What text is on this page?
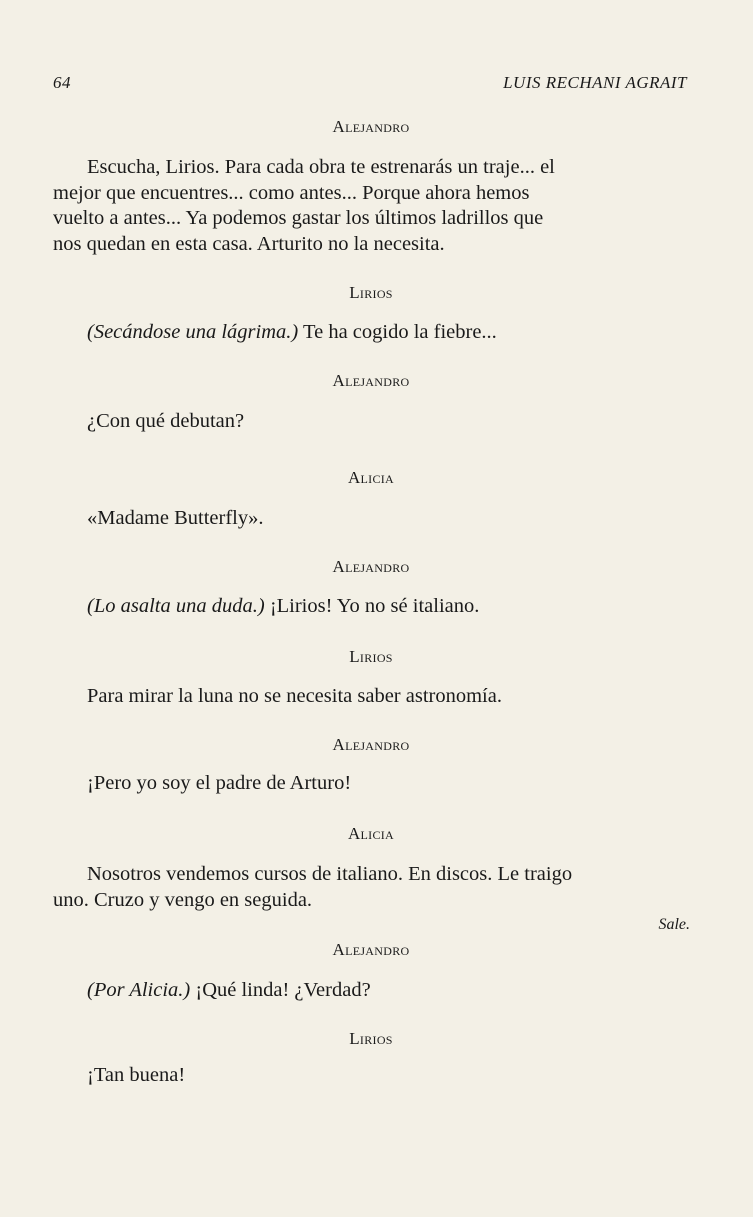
64	LUIS RECHANI AGRAIT
Alejandro
Escucha, Lirios. Para cada obra te estrenarás un traje... el
mejor que encuentres... como antes... Porque ahora hemos
vuelto a antes... Ya podemos gastar los últimos ladrillos que
nos quedan en esta casa. Arturito no la necesita.
Lirios
(Secándose una lágrima.) Te ha cogido la fiebre...
Alejandro
¿Con qué debutan?
Alicia
«Madame Butterfly».
Alejandro
(Lo asalta una duda.) ¡Lirios! Yo no sé italiano.
Lirios
Para mirar la luna no se necesita saber astronomía.
Alejandro
¡Pero yo soy el padre de Arturo!
Alicia
Nosotros vendemos cursos de italiano. En discos. Le traigo
uno. Cruzo y vengo en seguida.
Sale.
Alejandro
(Por Alicia.) ¡Qué linda! ¿Verdad?
Lirios
¡Tan buena!
